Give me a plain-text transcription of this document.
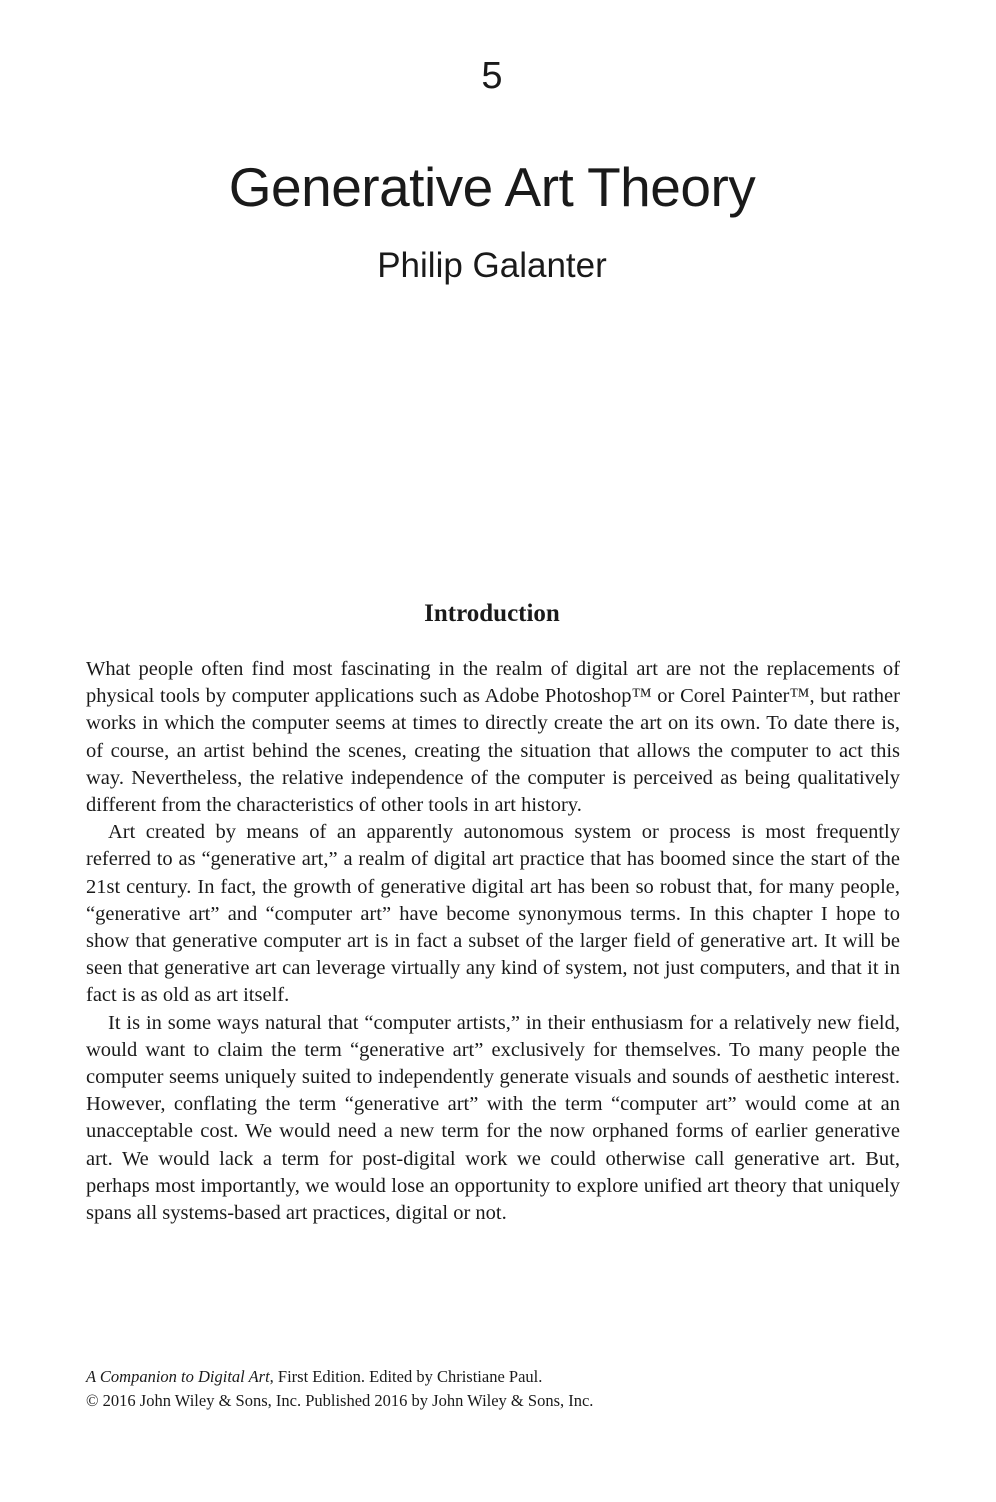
5
Generative Art Theory
Philip Galanter
Introduction

What people often find most fascinating in the realm of digital art are not the replacements of physical tools by computer applications such as Adobe Photoshop™ or Corel Painter™, but rather works in which the computer seems at times to directly create the art on its own. To date there is, of course, an artist behind the scenes, creating the situation that allows the computer to act this way. Nevertheless, the relative independence of the computer is perceived as being qualitatively different from the characteristics of other tools in art history.

Art created by means of an apparently autonomous system or process is most frequently referred to as “generative art,” a realm of digital art practice that has boomed since the start of the 21st century. In fact, the growth of generative digital art has been so robust that, for many people, “generative art” and “computer art” have become synonymous terms. In this chapter I hope to show that generative computer art is in fact a subset of the larger field of generative art. It will be seen that generative art can leverage virtually any kind of system, not just computers, and that it in fact is as old as art itself.

It is in some ways natural that “computer artists,” in their enthusiasm for a relatively new field, would want to claim the term “generative art” exclusively for themselves. To many people the computer seems uniquely suited to independently generate visuals and sounds of aesthetic interest. However, conflating the term “generative art” with the term “computer art” would come at an unacceptable cost. We would need a new term for the now orphaned forms of earlier generative art. We would lack a term for post-digital work we could otherwise call generative art. But, perhaps most importantly, we would lose an opportunity to explore unified art theory that uniquely spans all systems-based art practices, digital or not.

A Companion to Digital Art, First Edition. Edited by Christiane Paul.
© 2016 John Wiley & Sons, Inc. Published 2016 by John Wiley & Sons, Inc.
